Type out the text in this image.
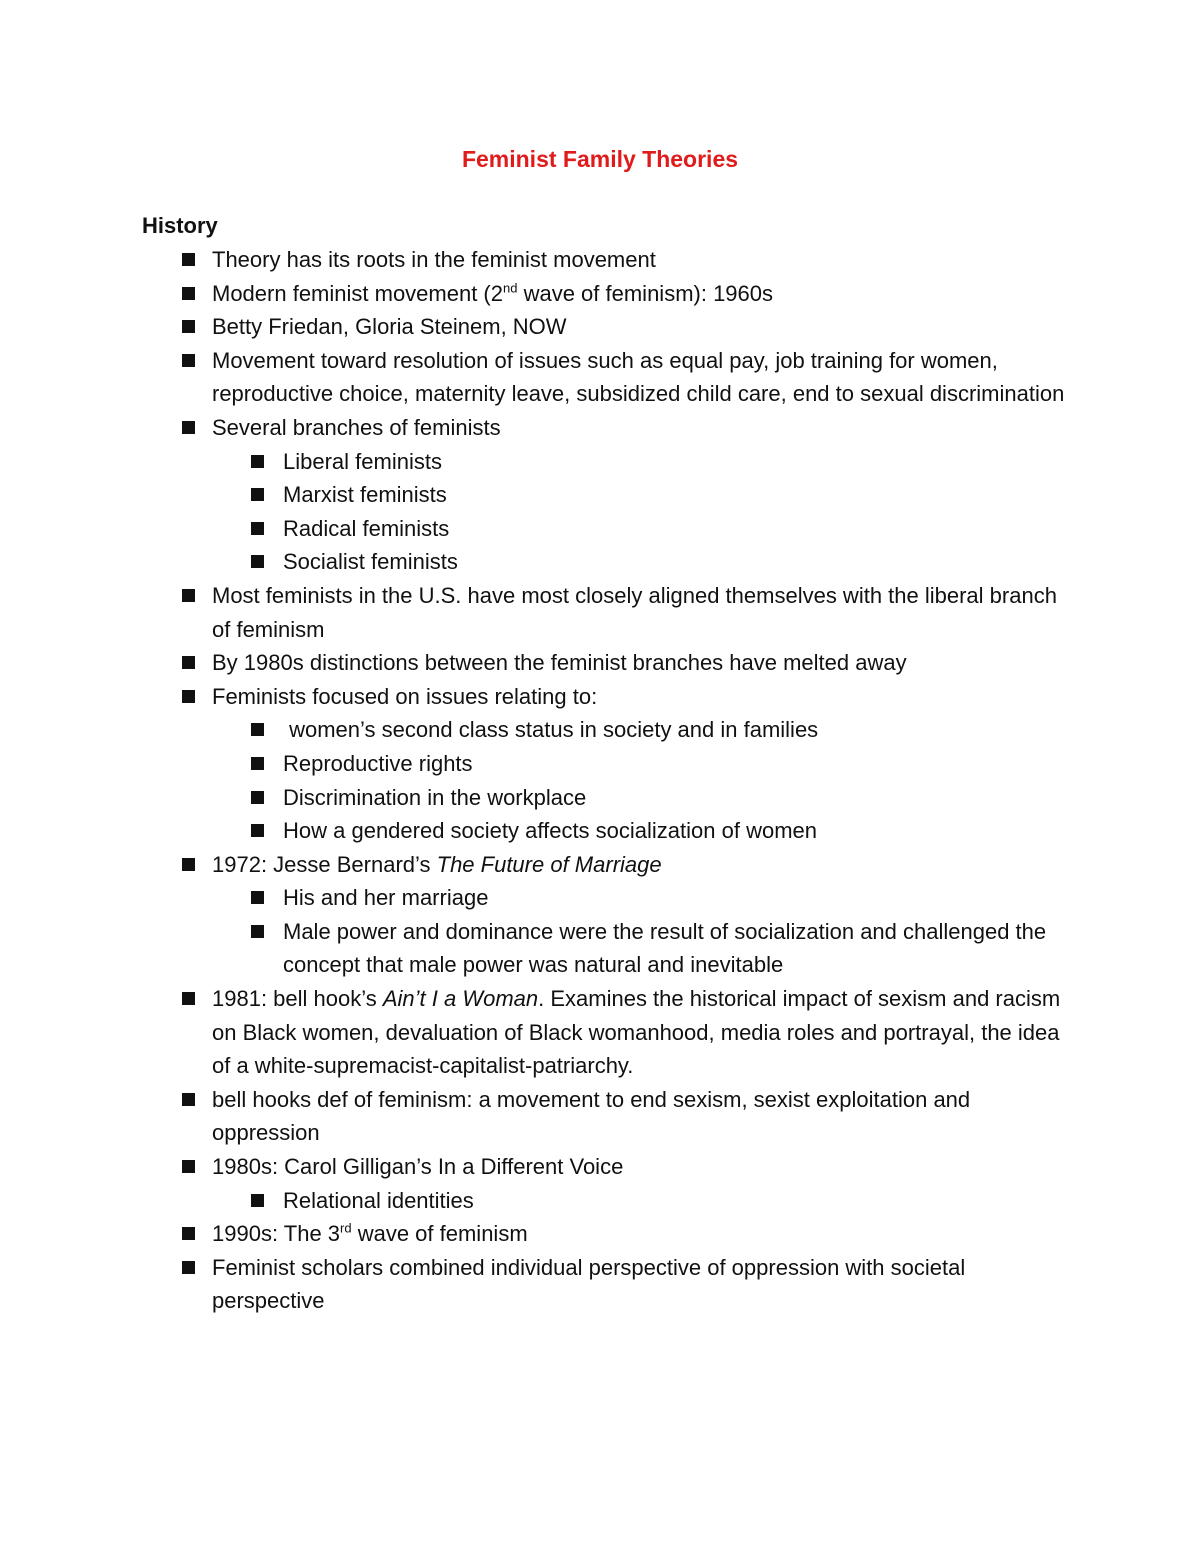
Feminist Family Theories
History
Theory has its roots in the feminist movement
Modern feminist movement (2nd wave of feminism): 1960s
Betty Friedan, Gloria Steinem, NOW
Movement toward resolution of issues such as equal pay, job training for women, reproductive choice, maternity leave, subsidized child care, end to sexual discrimination
Several branches of feminists
Liberal feminists
Marxist feminists
Radical feminists
Socialist feminists
Most feminists in the U.S. have most closely aligned themselves with the liberal branch of feminism
By 1980s distinctions between the feminist branches have melted away
Feminists focused on issues relating to:
women’s second class status in society and in families
Reproductive rights
Discrimination in the workplace
How a gendered society affects socialization of women
1972: Jesse Bernard’s The Future of Marriage
His and her marriage
Male power and dominance were the result of socialization and challenged the concept that male power was natural and inevitable
1981: bell hook’s Ain’t I a Woman. Examines the historical impact of sexism and racism on Black women, devaluation of Black womanhood, media roles and portrayal, the idea of a white-supremacist-capitalist-patriarchy.
bell hooks def of feminism: a movement to end sexism, sexist exploitation and oppression
1980s: Carol Gilligan’s In a Different Voice
Relational identities
1990s: The 3rd wave of feminism
Feminist scholars combined individual perspective of oppression with societal perspective
